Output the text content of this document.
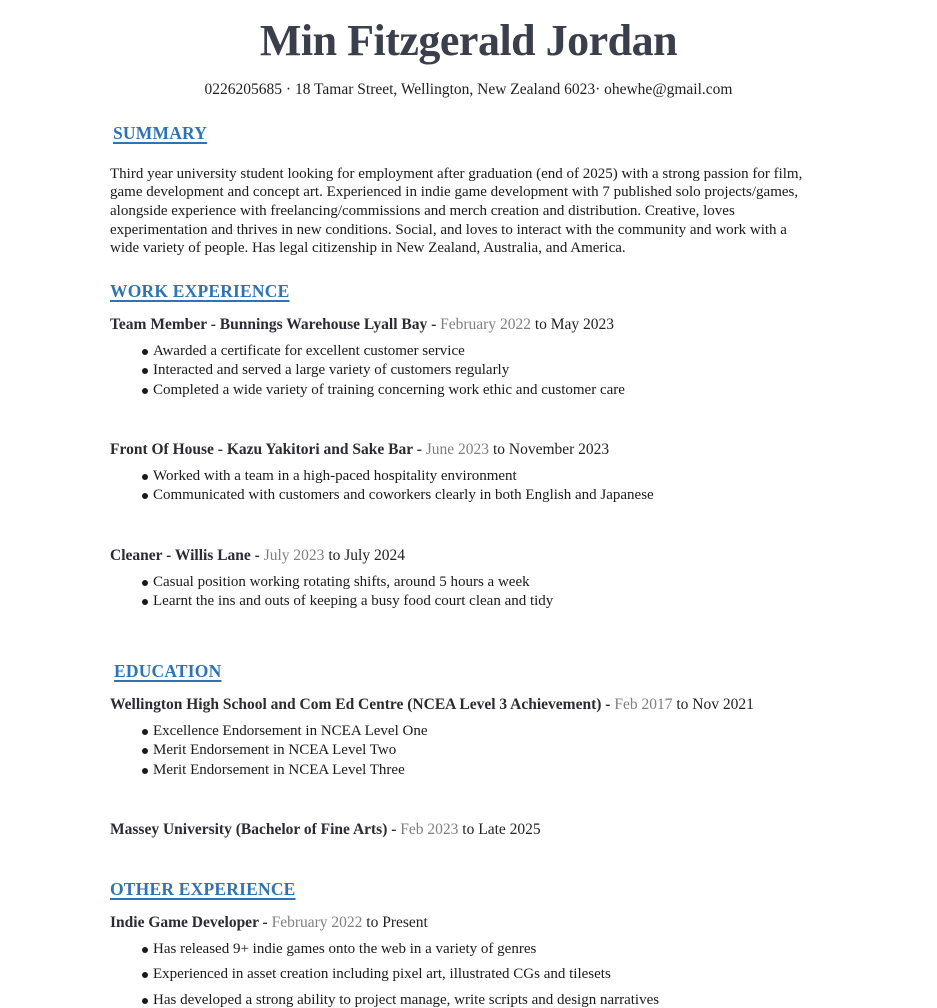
Min Fitzgerald Jordan
0226205685 · 18 Tamar Street, Wellington, New Zealand 6023· ohewhe@gmail.com
SUMMARY

Third year university student looking for employment after graduation (end of 2025) with a strong passion for film, game development and concept art. Experienced in indie game development with 7 published solo projects/games, alongside experience with freelancing/commissions and merch creation and distribution. Creative, loves experimentation and thrives in new conditions. Social, and loves to interact with the community and work with a wide variety of people. Has legal citizenship in New Zealand, Australia, and America.

WORK EXPERIENCE

Team Member - Bunnings Warehouse Lyall Bay - February 2022 to May 2023

Awarded a certificate for excellent customer service
Interacted and served a large variety of customers regularly
Completed a wide variety of training concerning work ethic and customer care

Front Of House - Kazu Yakitori and Sake Bar - June 2023 to November 2023

Worked with a team in a high-paced hospitality environment
Communicated with customers and coworkers clearly in both English and Japanese

Cleaner - Willis Lane - July 2023 to July 2024

Casual position working rotating shifts, around 5 hours a week
Learnt the ins and outs of keeping a busy food court clean and tidy
EDUCATION

Wellington High School and Com Ed Centre (NCEA Level 3 Achievement) - Feb 2017 to Nov 2021

Excellence Endorsement in NCEA Level One
Merit Endorsement in NCEA Level Two
Merit Endorsement in NCEA Level Three

Massey University (Bachelor of Fine Arts) - Feb 2023 to Late 2025

OTHER EXPERIENCE

Indie Game Developer - February 2022 to Present

Has released 9+ indie games onto the web in a variety of genres
Experienced in asset creation including pixel art, illustrated CGs and tilesets
Has developed a strong ability to project manage, write scripts and design narratives
